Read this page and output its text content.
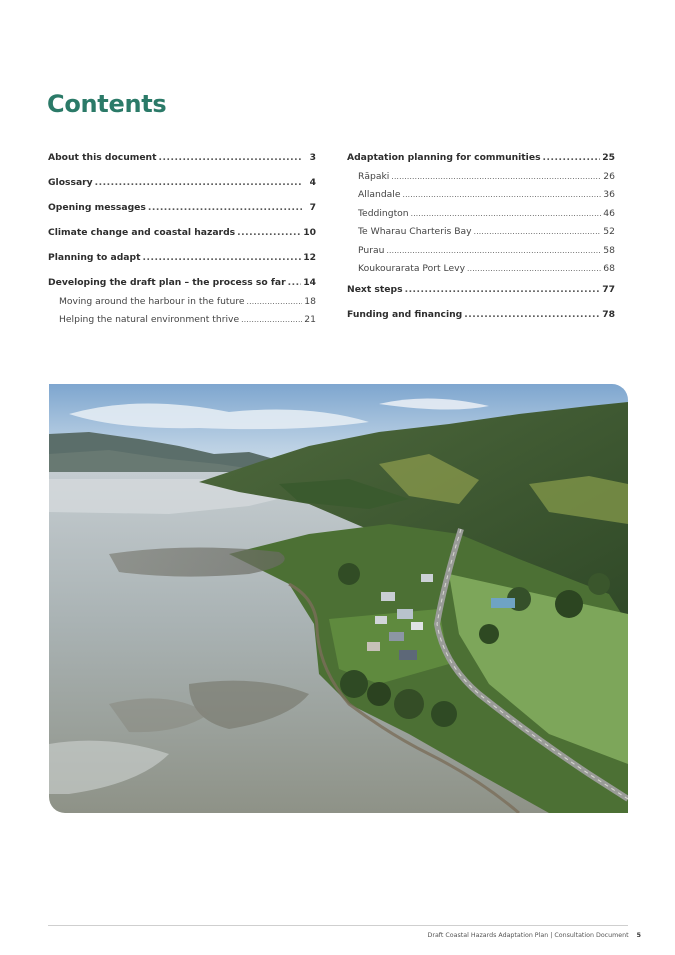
Contents
About this document .....	3
Glossary .....	4
Opening messages .....	7
Climate change and coastal hazards .....	10
Planning to adapt .....	12
Developing the draft plan – the process so far ..... 14
Moving around the harbour in the future .....	18
Helping the natural environment thrive .....	21
Adaptation planning for communities .....	25
Rāpaki .....	26
Allandale .....	36
Teddington .....	46
Te Wharau Charteris Bay .....	52
Purau .....	58
Koukourarata Port Levy .....	68
Next steps .....	77
Funding and financing .....	78
Draft Coastal Hazards Adaptation Plan | Consultation Document 5
